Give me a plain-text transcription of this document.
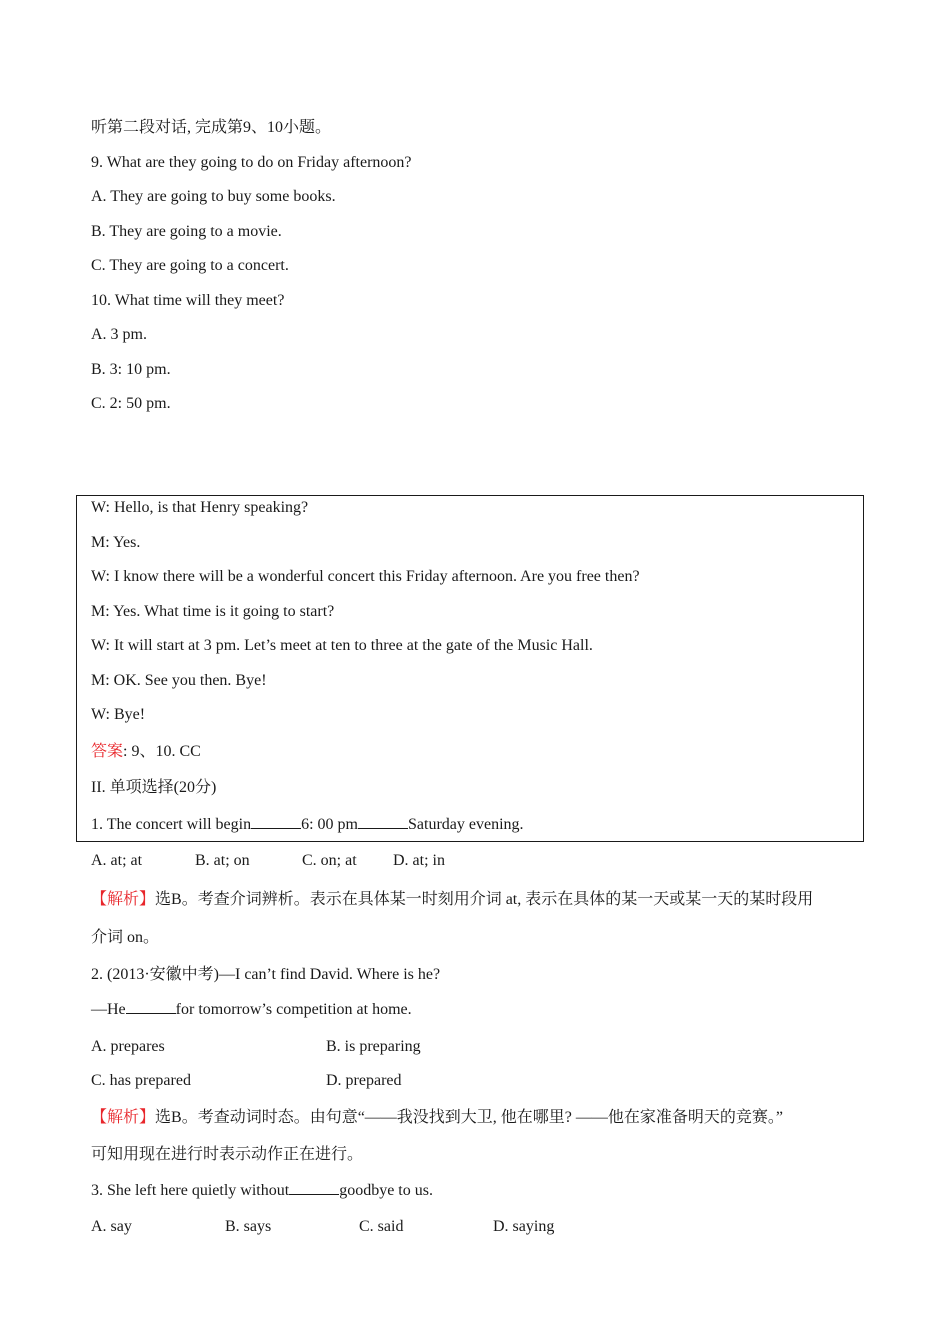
听第二段对话, 完成第9、10小题。
9. What are they going to do on Friday afternoon?
A. They are going to buy some books.
B. They are going to a movie.
C. They are going to a concert.
10. What time will they meet?
A. 3 pm.
B. 3: 10 pm.
C. 2: 50 pm.
W: Hello, is that Henry speaking?
M: Yes.
W: I know there will be a wonderful concert this Friday afternoon. Are you free then?
M: Yes. What time is it going to start?
W: It will start at 3 pm. Let’s meet at ten to three at the gate of the Music Hall.
M: OK. See you then. Bye!
W: Bye!
答案: 9、10. CC
II. 单项选择(20分)
1. The concert will begin	6: 00 pm	Saturday evening.
A. at; at	B. at; on	C. on; at D. at; in
【解析】选B。考查介词辨析。表示在具体某一时刻用介词 at, 表示在具体的某一天或某一天的某时段用
介词 on。
2. (2013·安徽中考)—I can’t find David. Where is he?
—He	for tomorrow’s competition at home.
A. prepares	B. is preparing
C. has prepared	D. prepared
【解析】选B。考查动词时态。由句意“——我没找到大卫, 他在哪里? ——他在家准备明天的竞赛。”
可知用现在进行时表示动作正在进行。
3. She left here quietly without	goodbye to us.
A. say	B. says	C. said	D. saying
